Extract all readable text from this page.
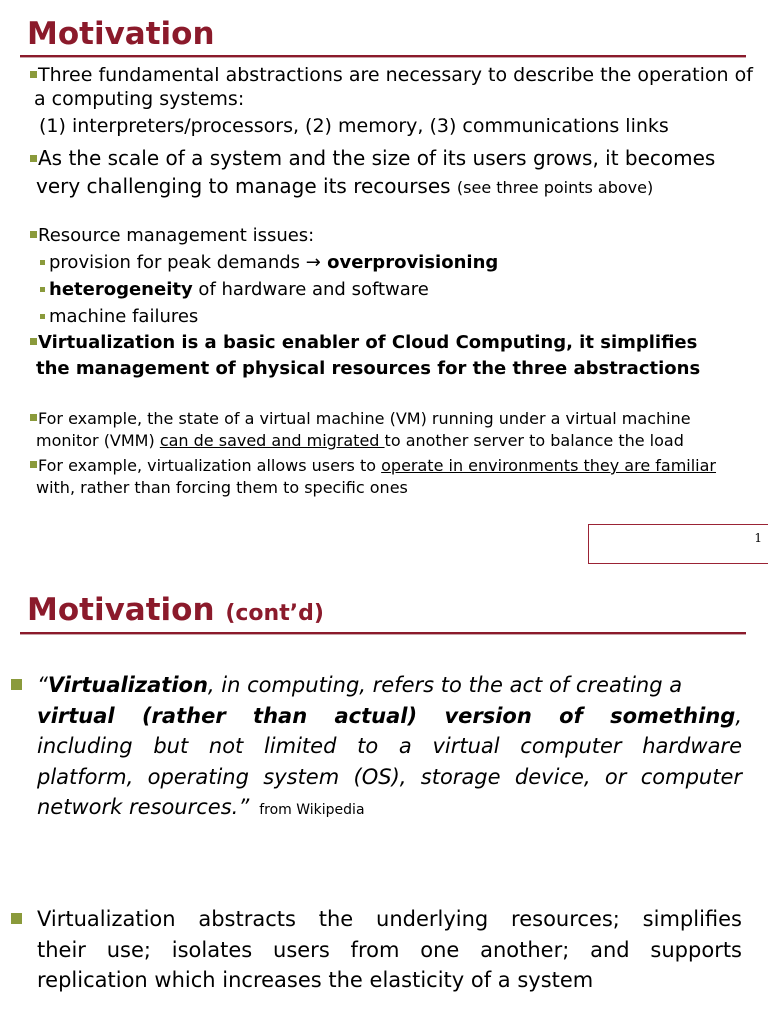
Motivation
Three fundamental abstractions are necessary to describe the operation of
a computing systems:
(1) interpreters/processors, (2) memory, (3) communications links
As the scale of a system and the size of its users grows, it becomes
very challenging to manage its recourses (see three points above)
Resource management issues:
provision for peak demands → overprovisioning
heterogeneity of hardware and software
machine failures
Virtualization is a basic enabler of Cloud Computing, it simplifies
the management of physical resources for the three abstractions
For example, the state of a virtual machine (VM) running under a virtual machine
monitor (VMM) can de saved and migrated to another server to balance the load
For example, virtualization allows users to operate in environments they are familiar
with, rather than forcing them to specific ones
1
Motivation (cont’d)
“Virtualization, in computing, refers to the act of creating a
virtual (rather than actual) version of something,
including but not limited to a virtual computer hardware
platform, operating system (OS), storage device, or computer
network resources.” from Wikipedia
Virtualization abstracts the underlying resources; simplifies
their use; isolates users from one another; and supports
replication which increases the elasticity of a system
